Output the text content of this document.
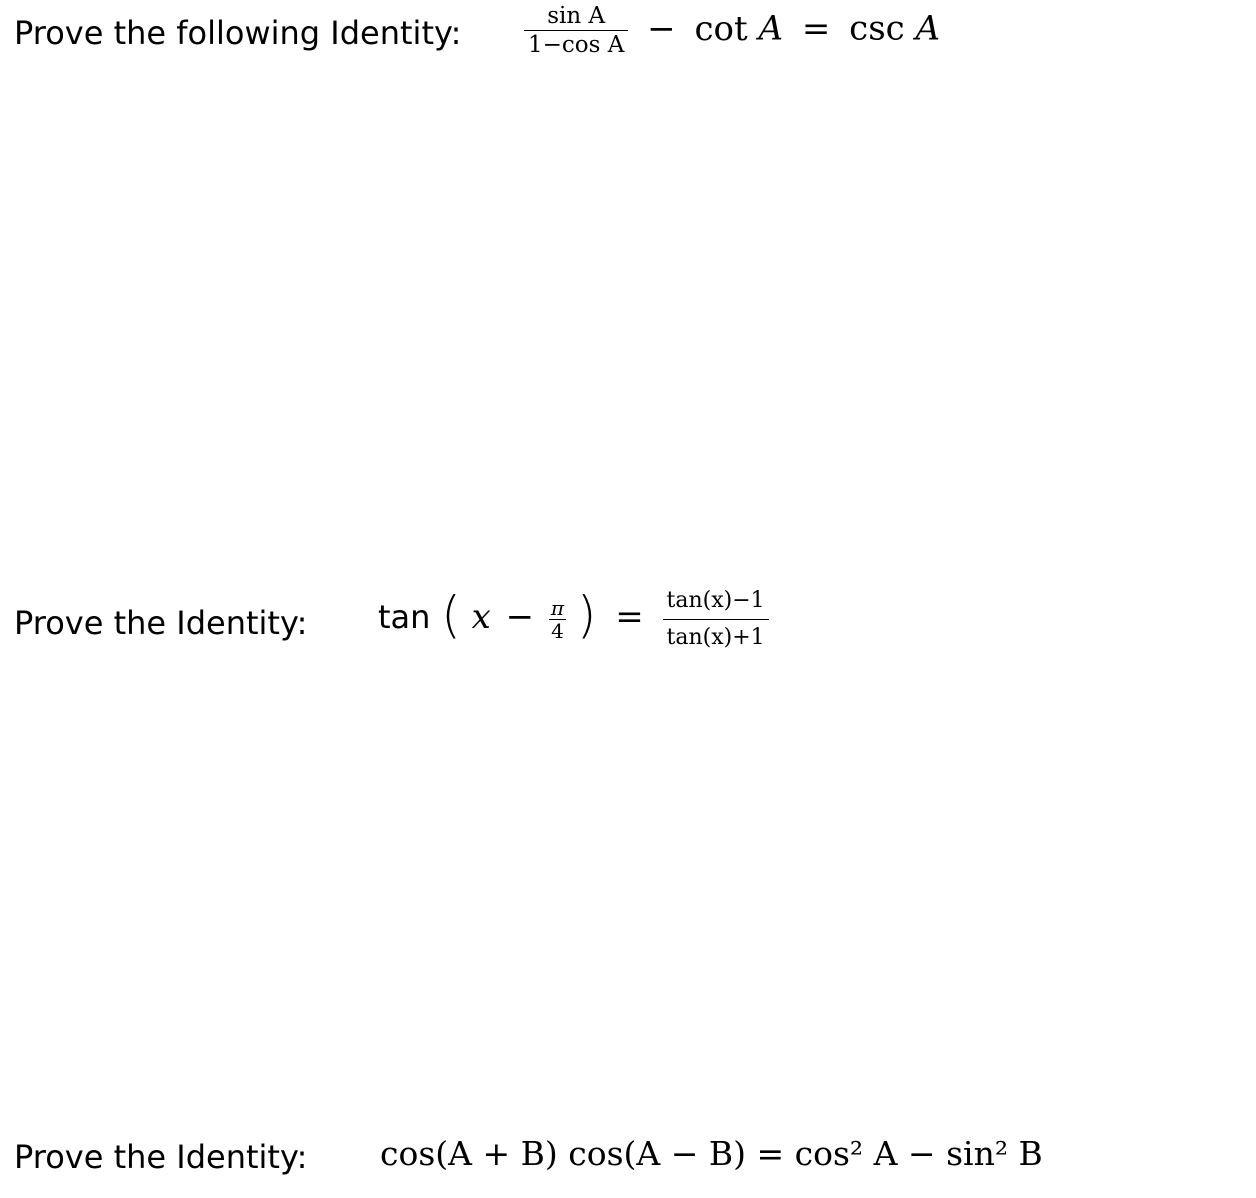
Prove the following Identity:	$\frac{\text{sin A}}{\text{1−cos A}} - \cot A = \csc A$
Prove the Identity: tan ( $x - \frac{\pi}{4}$ ) = $\frac{\tan(x)-1}{\tan(x)+1}$
Prove the Identity: cos(A + B) cos(A − B) = cos² A − sin² B
